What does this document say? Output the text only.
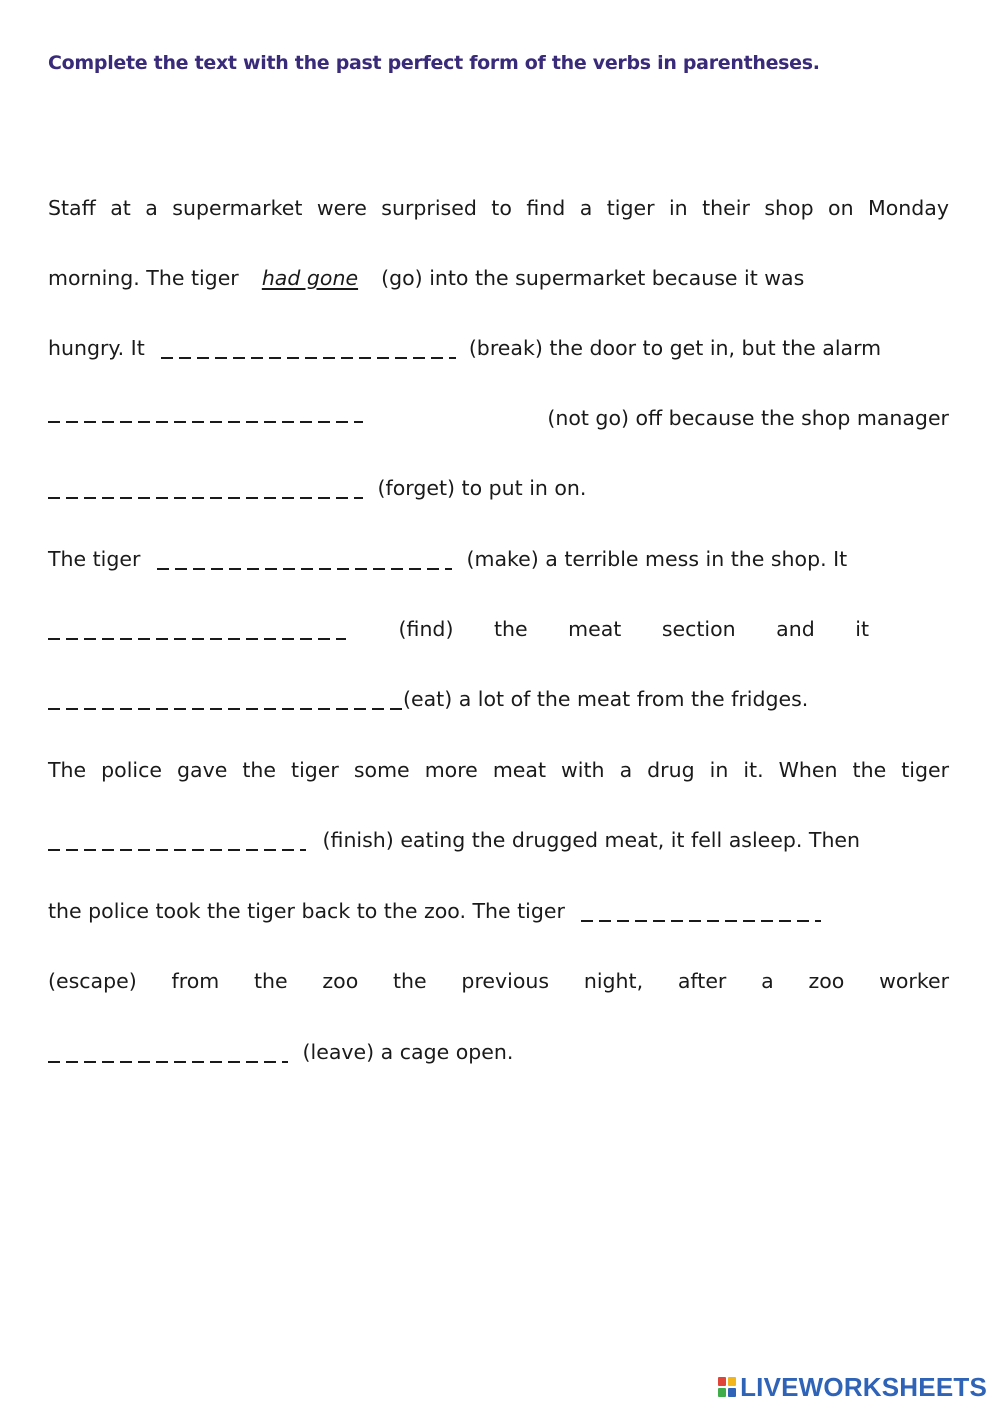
Complete the text with the past perfect form of the verbs in parentheses.
Staff at a supermarket were surprised to find a tiger in their shop on Monday
morning. The tiger had gone (go) into the supermarket because it was
hungry. It	(break) the door to get in, but the alarm
(not go) off because the shop manager
(forget) to put in on.
The tiger	(make) a terrible mess in the shop. It
(find) the meat section and it
(eat) a lot of the meat from the fridges.
The police gave the tiger some more meat with a drug in it. When the tiger
(finish) eating the drugged meat, it fell asleep. Then
the police took the tiger back to the zoo. The tiger
(escape) from the zoo the previous night, after a zoo worker
(leave) a cage open.
LIVEWORKSHEETS
